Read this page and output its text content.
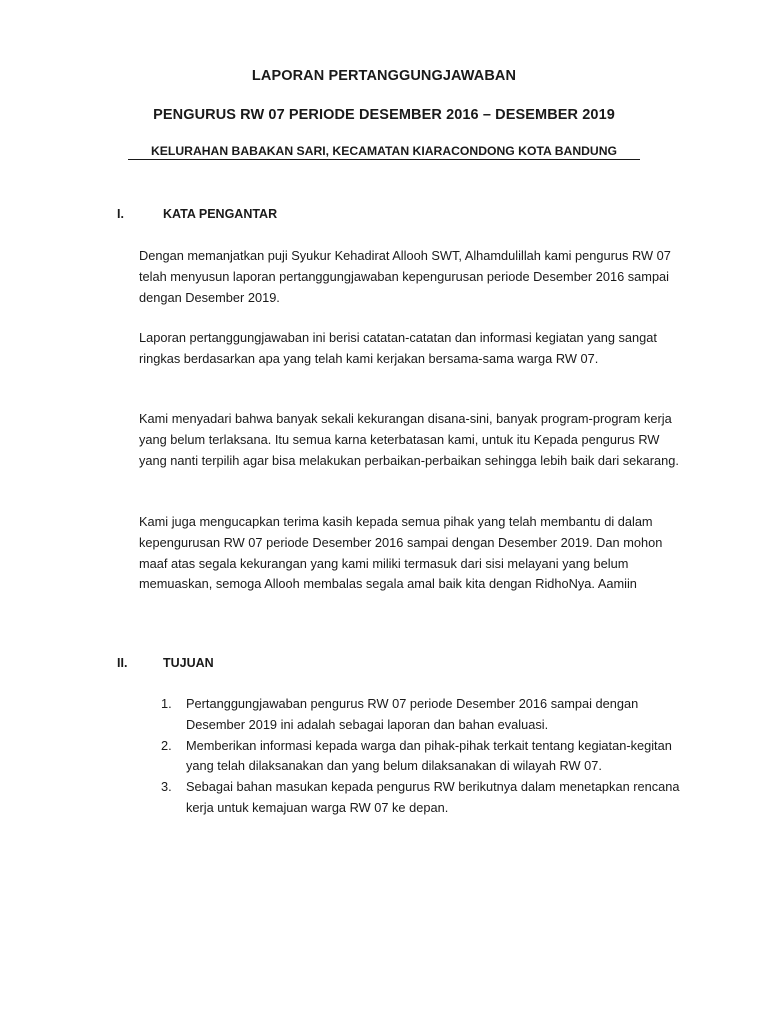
LAPORAN PERTANGGUNGJAWABAN
PENGURUS RW 07 PERIODE DESEMBER 2016 – DESEMBER 2019
KELURAHAN BABAKAN SARI, KECAMATAN KIARACONDONG KOTA BANDUNG
I.	KATA PENGANTAR

Dengan memanjatkan puji Syukur Kehadirat Allooh SWT, Alhamdulillah kami pengurus RW 07 telah menyusun laporan pertanggungjawaban kepengurusan periode Desember 2016 sampai dengan Desember 2019.

Laporan pertanggungjawaban ini berisi catatan-catatan dan informasi kegiatan yang sangat ringkas berdasarkan apa yang telah kami kerjakan bersama-sama warga RW 07.

Kami menyadari bahwa banyak sekali kekurangan disana-sini, banyak program-program kerja yang belum terlaksana. Itu semua karna keterbatasan kami, untuk itu Kepada pengurus RW yang nanti terpilih agar bisa melakukan perbaikan-perbaikan sehingga lebih baik dari sekarang.

Kami juga mengucapkan terima kasih kepada semua pihak yang telah membantu di dalam kepengurusan RW 07 periode Desember 2016 sampai dengan Desember 2019. Dan mohon maaf atas segala kekurangan yang kami miliki termasuk dari sisi melayani yang belum memuaskan, semoga Allooh membalas segala amal baik kita dengan RidhoNya. Aamiin

II.	TUJUAN
1. Pertanggungjawaban pengurus RW 07 periode Desember 2016 sampai dengan Desember 2019 ini adalah sebagai laporan dan bahan evaluasi.
2. Memberikan informasi kepada warga dan pihak-pihak terkait tentang kegiatan-kegitan yang telah dilaksanakan dan yang belum dilaksanakan di wilayah RW 07.
3. Sebagai bahan masukan kepada pengurus RW berikutnya dalam menetapkan rencana kerja untuk kemajuan warga RW 07 ke depan.
